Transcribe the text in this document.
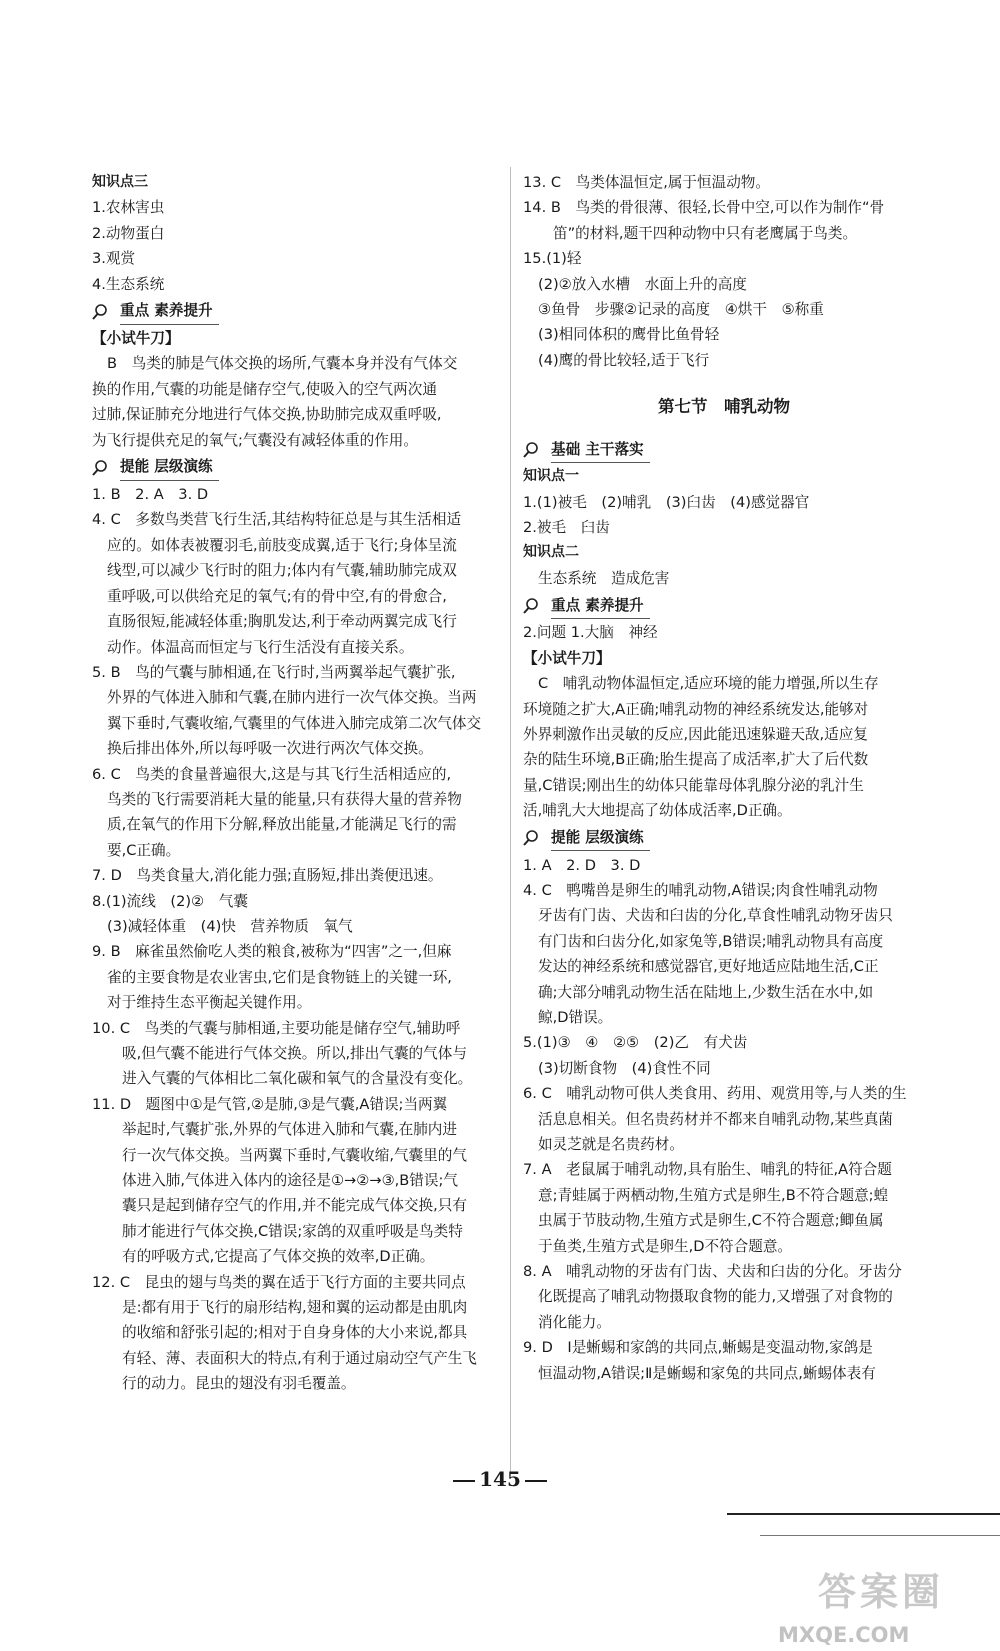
知识点三
1.农林害虫
2.动物蛋白
3.观赏
4.生态系统
重点 素养提升
【小试牛刀】
B　鸟类的肺是气体交换的场所,气囊本身并没有气体交
换的作用,气囊的功能是储存空气,使吸入的空气两次通
过肺,保证肺充分地进行气体交换,协助肺完成双重呼吸,
为飞行提供充足的氧气;气囊没有减轻体重的作用。
提能 层级演练
1. B　2. A　3. D
4. C　多数鸟类营飞行生活,其结构特征总是与其生活相适
应的。如体表被覆羽毛,前肢变成翼,适于飞行;身体呈流
线型,可以减少飞行时的阻力;体内有气囊,辅助肺完成双
重呼吸,可以供给充足的氧气;有的骨中空,有的骨愈合,
直肠很短,能减轻体重;胸肌发达,利于牵动两翼完成飞行
动作。体温高而恒定与飞行生活没有直接关系。
5. B　鸟的气囊与肺相通,在飞行时,当两翼举起气囊扩张,
外界的气体进入肺和气囊,在肺内进行一次气体交换。当两
翼下垂时,气囊收缩,气囊里的气体进入肺完成第二次气体交
换后排出体外,所以每呼吸一次进行两次气体交换。
6. C　鸟类的食量普遍很大,这是与其飞行生活相适应的,
鸟类的飞行需要消耗大量的能量,只有获得大量的营养物
质,在氧气的作用下分解,释放出能量,才能满足飞行的需
要,C正确。
7. D　鸟类食量大,消化能力强;直肠短,排出粪便迅速。
8.(1)流线　(2)②　气囊
(3)减轻体重　(4)快　营养物质　氧气
9. B　麻雀虽然偷吃人类的粮食,被称为“四害”之一,但麻
雀的主要食物是农业害虫,它们是食物链上的关键一环,
对于维持生态平衡起关键作用。
10. C　鸟类的气囊与肺相通,主要功能是储存空气,辅助呼
吸,但气囊不能进行气体交换。所以,排出气囊的气体与
进入气囊的气体相比二氧化碳和氧气的含量没有变化。
11. D　题图中①是气管,②是肺,③是气囊,A错误;当两翼
举起时,气囊扩张,外界的气体进入肺和气囊,在肺内进
行一次气体交换。当两翼下垂时,气囊收缩,气囊里的气
体进入肺,气体进入体内的途径是①→②→③,B错误;气
囊只是起到储存空气的作用,并不能完成气体交换,只有
肺才能进行气体交换,C错误;家鸽的双重呼吸是鸟类特
有的呼吸方式,它提高了气体交换的效率,D正确。
12. C　昆虫的翅与鸟类的翼在适于飞行方面的主要共同点
是:都有用于飞行的扇形结构,翅和翼的运动都是由肌肉
的收缩和舒张引起的;相对于自身身体的大小来说,都具
有轻、薄、表面积大的特点,有利于通过扇动空气产生飞
行的动力。昆虫的翅没有羽毛覆盖。
13. C　鸟类体温恒定,属于恒温动物。
14. B　鸟类的骨很薄、很轻,长骨中空,可以作为制作“骨
笛”的材料,题干四种动物中只有老鹰属于鸟类。
15.(1)轻
(2)②放入水槽　水面上升的高度
③鱼骨　步骤②记录的高度　④烘干　⑤称重
(3)相同体积的鹰骨比鱼骨轻
(4)鹰的骨比较轻,适于飞行
第七节　哺乳动物
基础 主干落实
知识点一
1.(1)被毛　(2)哺乳　(3)臼齿　(4)感觉器官
2.被毛　臼齿
知识点二
生态系统　造成危害
重点 素养提升
2.问题 1.大脑　神经
【小试牛刀】
C　哺乳动物体温恒定,适应环境的能力增强,所以生存
环境随之扩大,A正确;哺乳动物的神经系统发达,能够对
外界刺激作出灵敏的反应,因此能迅速躲避天敌,适应复
杂的陆生环境,B正确;胎生提高了成活率,扩大了后代数
量,C错误;刚出生的幼体只能靠母体乳腺分泌的乳汁生
活,哺乳大大地提高了幼体成活率,D正确。
提能 层级演练
1. A　2. D　3. D
4. C　鸭嘴兽是卵生的哺乳动物,A错误;肉食性哺乳动物
牙齿有门齿、犬齿和臼齿的分化,草食性哺乳动物牙齿只
有门齿和臼齿分化,如家兔等,B错误;哺乳动物具有高度
发达的神经系统和感觉器官,更好地适应陆地生活,C正
确;大部分哺乳动物生活在陆地上,少数生活在水中,如
鲸,D错误。
5.(1)③　④　②⑤　(2)乙　有犬齿
(3)切断食物　(4)食性不同
6. C　哺乳动物可供人类食用、药用、观赏用等,与人类的生
活息息相关。但名贵药材并不都来自哺乳动物,某些真菌
如灵芝就是名贵药材。
7. A　老鼠属于哺乳动物,具有胎生、哺乳的特征,A符合题
意;青蛙属于两栖动物,生殖方式是卵生,B不符合题意;蝗
虫属于节肢动物,生殖方式是卵生,C不符合题意;鲫鱼属
于鱼类,生殖方式是卵生,D不符合题意。
8. A　哺乳动物的牙齿有门齿、犬齿和臼齿的分化。牙齿分
化既提高了哺乳动物摄取食物的能力,又增强了对食物的
消化能力。
9. D　Ⅰ是蜥蜴和家鸽的共同点,蜥蜴是变温动物,家鸽是
恒温动物,A错误;Ⅱ是蜥蜴和家兔的共同点,蜥蜴体表有
145
答案圈
MXQE.COM
